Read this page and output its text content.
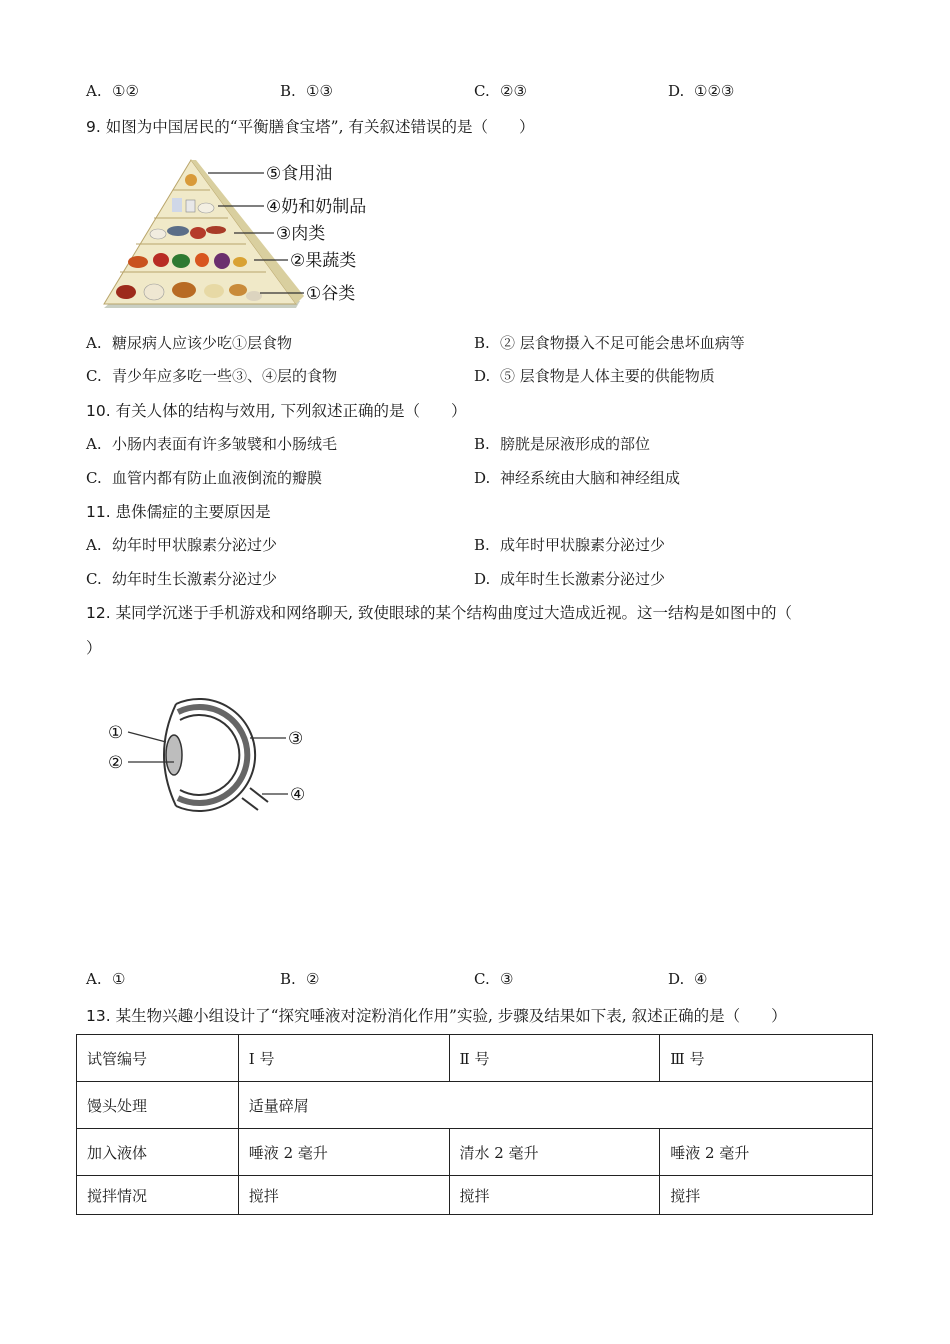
A. ①②	B. ①③	C. ②③	D. ①②③
9. 如图为中国居民的“平衡膳食宝塔”, 有关叙述错误的是（　　）
⑤食用油
④奶和奶制品
③肉类
②果蔬类
①谷类
A. 糖尿病人应该少吃①层食物	B. ② 层食物摄入不足可能会患坏血病等
C. 青少年应多吃一些③、④层的食物	D. ⑤ 层食物是人体主要的供能物质
10. 有关人体的结构与效用, 下列叙述正确的是（　　）
A. 小肠内表面有许多皱襞和小肠绒毛	B. 膀胱是尿液形成的部位
C. 血管内都有防止血液倒流的瓣膜	D. 神经系统由大脑和神经组成
11. 患侏儒症的主要原因是
A. 幼年时甲状腺素分泌过少	B. 成年时甲状腺素分泌过少
C. 幼年时生长激素分泌过少	D. 成年时生长激素分泌过少
12. 某同学沉迷于手机游戏和网络聊天, 致使眼球的某个结构曲度过大造成近视。这一结构是如图中的（
）
①
②
③
④
A. ①	B. ②	C. ③	D. ④
13. 某生物兴趣小组设计了“探究唾液对淀粉消化作用”实验, 步骤及结果如下表, 叙述正确的是（　　）
试管编号	Ⅰ 号	Ⅱ 号	Ⅲ 号
馒头处理	适量碎屑		
加入液体	唾液 2 毫升	清水 2 毫升	唾液 2 毫升
搅拌情况	搅拌	搅拌	搅拌
